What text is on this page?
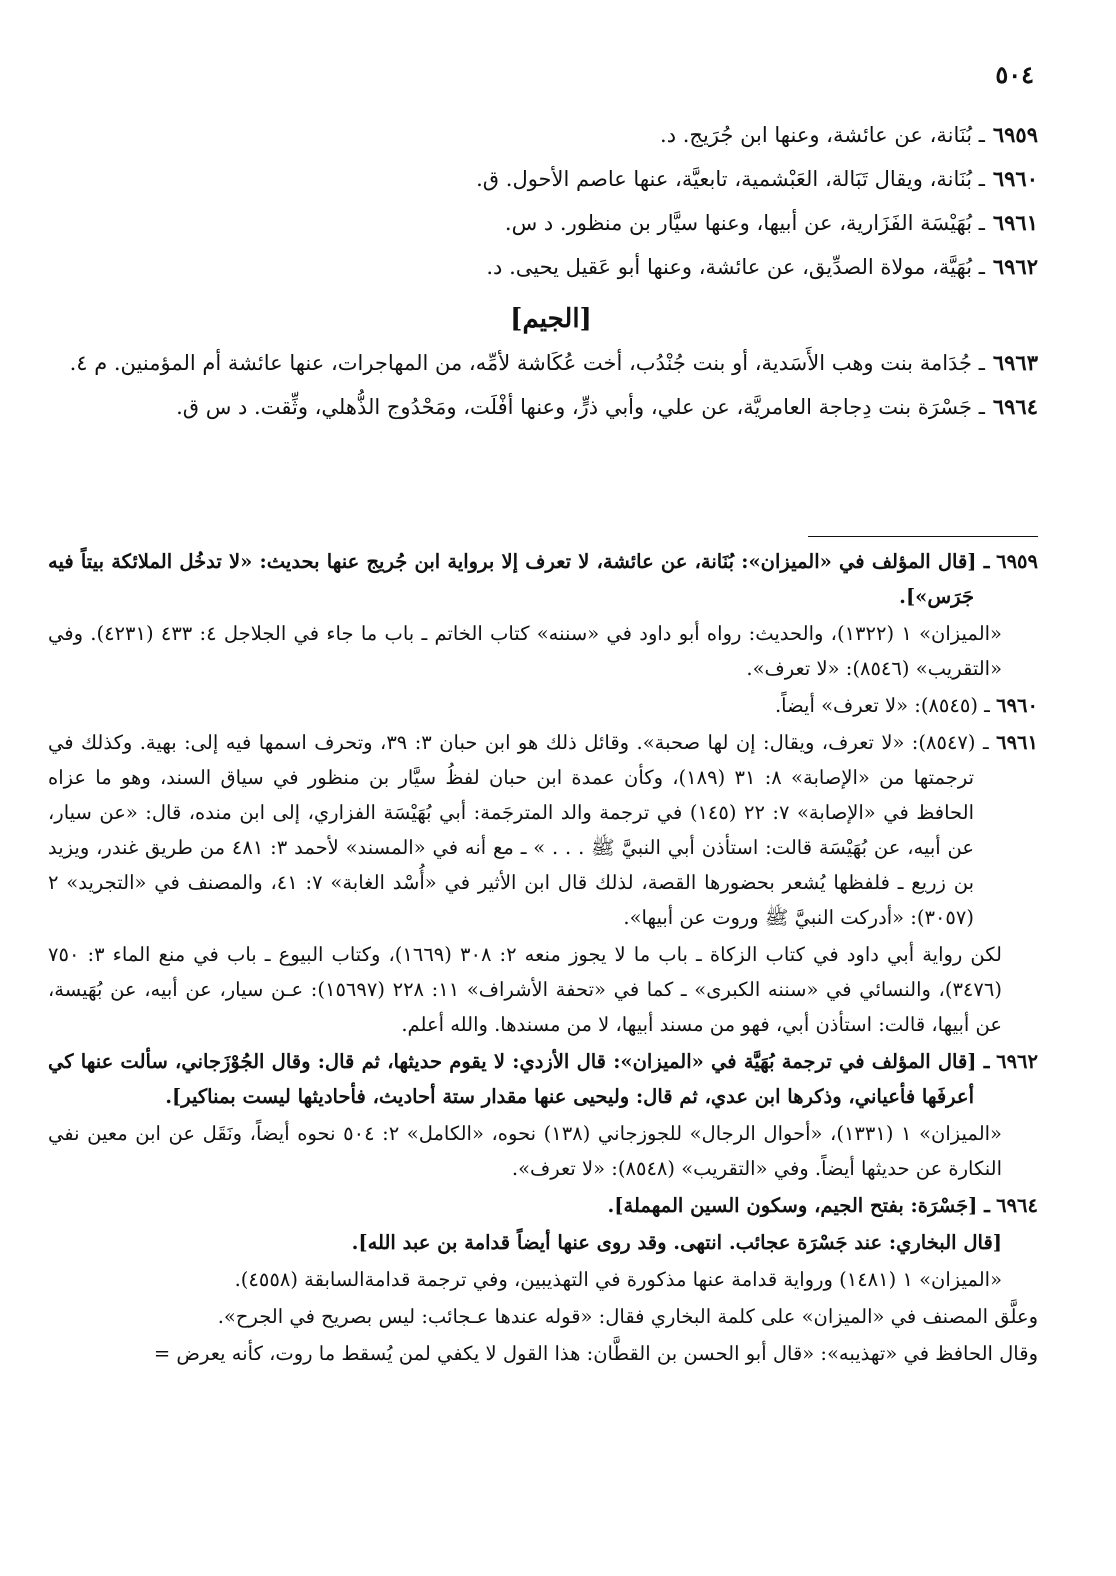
٥٠٤
٦٩٥٩ـ بُنَانة، عن عائشة، وعنها ابن جُرَيج. د.
٦٩٦٠ـ بُنَانة، ويقال تَبَالة، العَبْشمية، تابعيَّة، عنها عاصم الأحول. ق.
٦٩٦١ـ بُهَيْسَة الفَزَارية، عن أبيها، وعنها سيَّار بن منظور. د س.
٦٩٦٢ـ بُهَيَّة، مولاة الصدِّيق، عن عائشة، وعنها أبو عَقيل يحيى. د.
[الجيم]
٦٩٦٣ـ جُدَامة بنت وهب الأَسَدية، أو بنت جُنْدُب، أخت عُكَاشة لأمِّه، من المهاجرات، عنها عائشة أم المؤمنين. م ٤.
٦٩٦٤ـ جَسْرَة بنت دِجاجة العامريَّة، عن علي، وأبي ذرٍّ، وعنها أفْلَت، ومَحْدُوج الذُّهلي، وثِّقت. د س ق.
٦٩٥٩ ـ [قال المؤلف في «الميزان»: بُنَانة، عن عائشة، لا تعرف إلا برواية ابن جُريج عنها بحديث: «لا تدخُل الملائكة بيتاً فيه جَرَس»].
«الميزان» ١ (١٣٢٢)، والحديث: رواه أبو داود في «سننه» كتاب الخاتم ـ باب ما جاء في الجلاجل ٤: ٤٣٣ (٤٢٣١). وفي «التقريب» (٨٥٤٦): «لا تعرف».
٦٩٦٠ ـ (٨٥٤٥): «لا تعرف» أيضاً.
٦٩٦١ ـ (٨٥٤٧): «لا تعرف، ويقال: إن لها صحبة». وقائل ذلك هو ابن حبان ٣: ٣٩، وتحرف اسمها فيه إلى: بهية. وكذلك في ترجمتها من «الإصابة» ٨: ٣١ (١٨٩)، وكأن عمدة ابن حبان لفظُ سيَّار بن منظور في سياق السند، وهو ما عزاه الحافظ في «الإصابة» ٧: ٢٢ (١٤٥) في ترجمة والد المترجَمة: أبي بُهَيْسَة الفزاري، إلى ابن منده، قال: «عن سيار، عن أبيه، عن بُهَيْسَة قالت: استأذن أبي النبيَّ ﷺ . . . » ـ مع أنه في «المسند» لأحمد ٣: ٤٨١ من طريق غندر، ويزيد بن زريع ـ فلفظها يُشعر بحضورها القصة، لذلك قال ابن الأثير في «أُسْد الغابة» ٧: ٤١، والمصنف في «التجريد» ٢ (٣٠٥٧): «أدركت النبيَّ ﷺ وروت عن أبيها».
لكن رواية أبي داود في كتاب الزكاة ـ باب ما لا يجوز منعه ٢: ٣٠٨ (١٦٦٩)، وكتاب البيوع ـ باب في منع الماء ٣: ٧٥٠ (٣٤٧٦)، والنسائي في «سننه الكبرى» ـ كما في «تحفة الأشراف» ١١: ٢٢٨ (١٥٦٩٧): عـن سيار، عن أبيه، عن بُهَيسة، عن أبيها، قالت: استأذن أبي، فهو من مسند أبيها، لا من مسندها. والله أعلم.
٦٩٦٢ ـ [قال المؤلف في ترجمة بُهَيَّة في «الميزان»: قال الأزدي: لا يقوم حديثها، ثم قال: وقال الجُوْزَجاني، سألت عنها كي أعرفَها فأعياني، وذكرها ابن عدي، ثم قال: وليحيى عنها مقدار ستة أحاديث، فأحاديثها ليست بمناكير].
«الميزان» ١ (١٣٣١)، «أحوال الرجال» للجوزجاني (١٣٨) نحوه، «الكامل» ٢: ٥٠٤ نحوه أيضاً، ونَقَل عن ابن معين نفي النكارة عن حديثها أيضاً. وفي «التقريب» (٨٥٤٨): «لا تعرف».
٦٩٦٤ ـ [جَسْرَة: بفتح الجيم، وسكون السين المهملة].
[قال البخاري: عند جَسْرَة عجائب. انتهى. وقد روى عنها أيضاً قدامة بن عبد الله].
«الميزان» ١ (١٤٨١) ورواية قدامة عنها مذكورة في التهذيبين، وفي ترجمة قدامةالسابقة (٤٥٥٨).
وعلَّق المصنف في «الميزان» على كلمة البخاري فقال: «قوله عندها عـجائب: ليس بصريح في الجرح».
وقال الحافظ في «تهذيبه»: «قال أبو الحسن بن القطَّان: هذا القول لا يكفي لمن يُسقط ما روت، كأنه يعرض =
